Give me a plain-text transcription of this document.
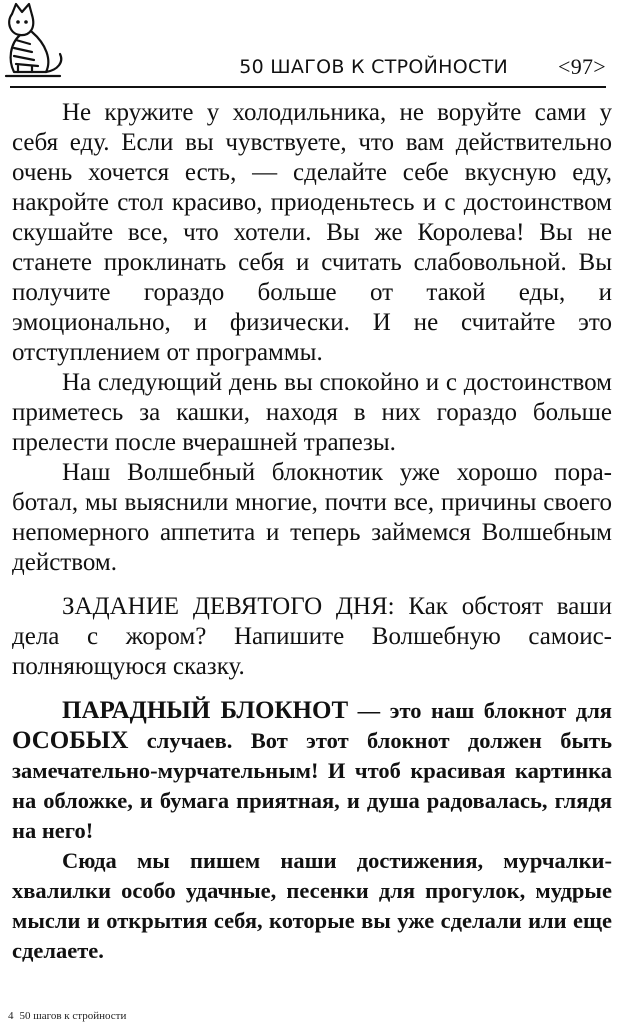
50 ШАГОВ К СТРОЙНОСТИ <97>

Не кружите у холодильника, не воруйте сами у себя еду. Если вы чувствуете, что вам действительно очень хочется есть, — сделайте себе вкусную еду, накройте стол красиво, приоденьтесь и с достоинством скушайте все, что хотели. Вы же Королева! Вы не станете проклинать себя и считать слабовольной. Вы получите гораздо больше от такой еды, и эмоционально, и физически. И не считайте это отступлением от программы.

На следующий день вы спокойно и с достоинством приметесь за кашки, находя в них гораздо больше прелести после вчерашней трапезы.

Наш Волшебный блокнотик уже хорошо поработал, мы выяснили многие, почти все, причины своего непомерного аппетита и теперь займемся Волшебным действом.

ЗАДАНИЕ ДЕВЯТОГО ДНЯ: Как обстоят ваши дела с жором? Напишите Волшебную самоисполняющуюся сказку.

ПАРАДНЫЙ БЛОКНОТ — это наш блокнот для ОСОБЫХ случаев. Вот этот блокнот должен быть замечательно-мурчательным! И чтоб красивая картинка на обложке, и бумага приятная, и душа радовалась, глядя на него!

Сюда мы пишем наши достижения, мурчалки-хвалилки особо удачные, песенки для прогулок, мудрые мысли и открытия себя, которые вы уже сделали или еще сделаете.

4 50 шагов к стройности
